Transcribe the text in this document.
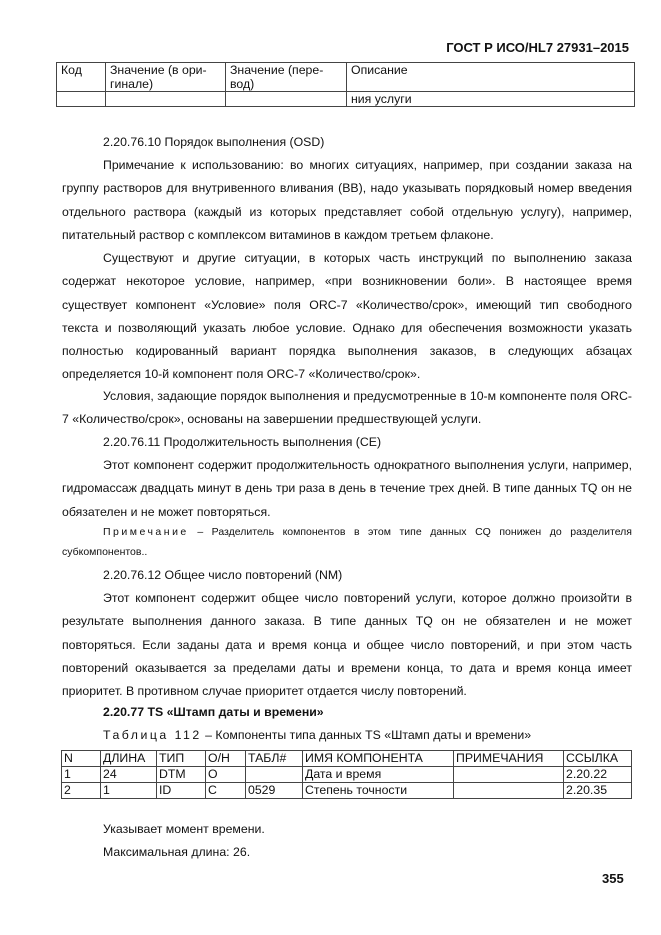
ГОСТ Р ИСО/HL7 27931–2015
Код	Значение (в ори-гинале)	Значение (пере-вод)	Описание
			ния услуги
2.20.76.10 Порядок выполнения (OSD)
Примечание к использованию: во многих ситуациях, например, при создании заказа на группу растворов для внутривенного вливания (ВВ), надо указывать порядковый номер введения отдельного раствора (каждый из которых представляет собой отдельную услугу), например, питательный раствор с комплексом витаминов в каждом третьем флаконе.
Существуют и другие ситуации, в которых часть инструкций по выполнению заказа содержат некоторое условие, например, «при возникновении боли». В настоящее время существует компонент «Условие» поля ORC-7 «Количество/срок», имеющий тип свободного текста и позволяющий указать любое условие. Однако для обеспечения возможности указать полностью кодированный вариант порядка выполнения заказов, в следующих абзацах определяется 10-й компонент поля ORC-7 «Количество/срок».
Условия, задающие порядок выполнения и предусмотренные в 10-м компоненте поля ORC-7 «Количество/срок», основаны на завершении предшествующей услуги.
2.20.76.11 Продолжительность выполнения (CE)
Этот компонент содержит продолжительность однократного выполнения услуги, например, гидромассаж двадцать минут в день три раза в день в течение трех дней. В типе данных TQ он не обязателен и не может повторяться.
Примечание – Разделитель компонентов в этом типе данных CQ понижен до разделителя субкомпонентов..
2.20.76.12 Общее число повторений (NM)
Этот компонент содержит общее число повторений услуги, которое должно произойти в результате выполнения данного заказа. В типе данных TQ он не обязателен и не может повторяться. Если заданы дата и время конца и общее число повторений, и при этом часть повторений оказывается за пределами даты и времени конца, то дата и время конца имеет приоритет. В противном случае приоритет отдается числу повторений.
2.20.77 TS «Штамп даты и времени»
Таблица 112 – Компоненты типа данных TS «Штамп даты и времени»
N	ДЛИНА	ТИП	О/Н	ТАБЛ#	ИМЯ КОМПОНЕНТА	ПРИМЕЧАНИЯ	ССЫЛКА
1	24	DTM	O		Дата и время		2.20.22
2	1	ID	C	0529	Степень точности		2.20.35
Указывает момент времени.
Максимальная длина: 26.
355
